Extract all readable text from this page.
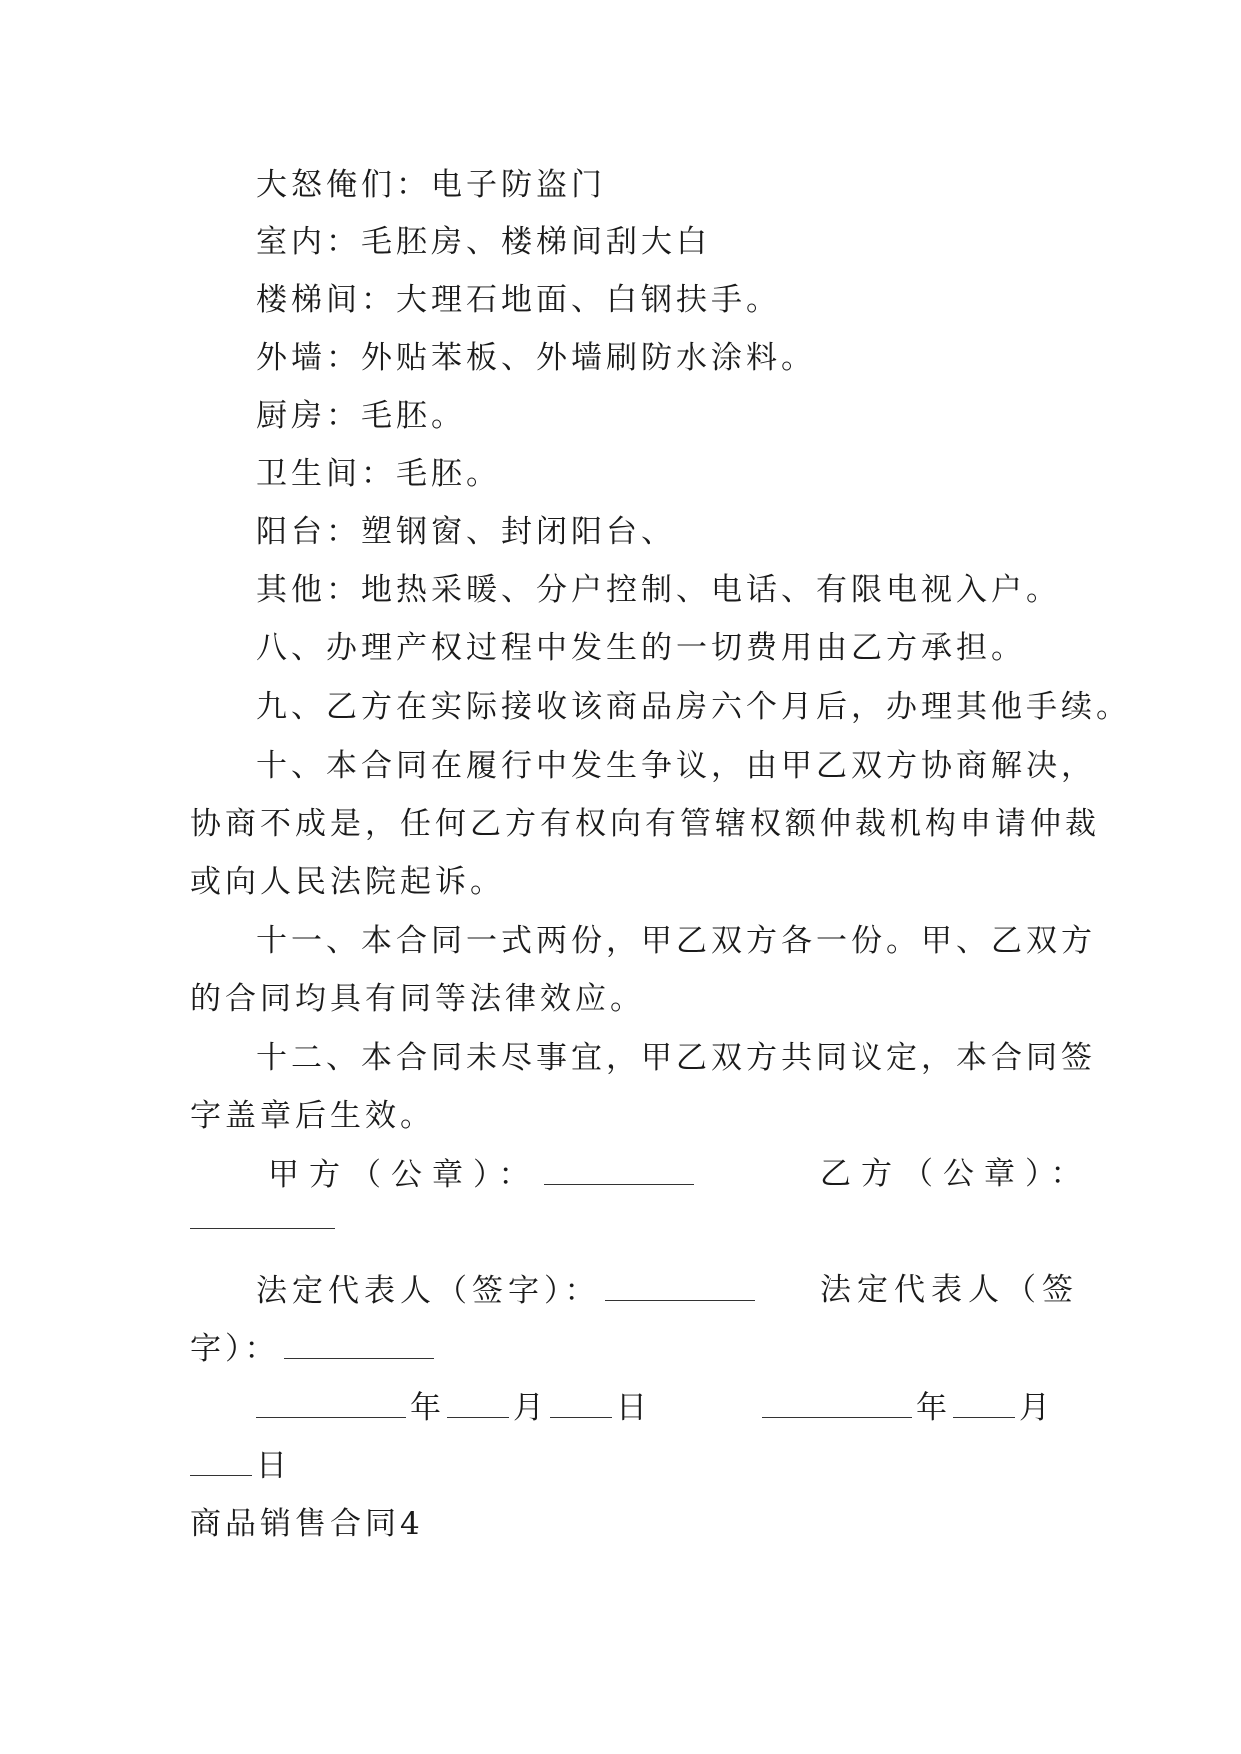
大怒俺们：电子防盗门
室内：毛胚房、楼梯间刮大白
楼梯间：大理石地面、白钢扶手。
外墙：外贴苯板、外墙刷防水涂料。
厨房：毛胚。
卫生间：毛胚。
阳台：塑钢窗、封闭阳台、
其他：地热采暖、分户控制、电话、有限电视入户。
八、办理产权过程中发生的一切费用由乙方承担。
九、乙方在实际接收该商品房六个月后，办理其他手续。
十、本合同在履行中发生争议，由甲乙双方协商解决，
协商不成是，任何乙方有权向有管辖权额仲裁机构申请仲裁
或向人民法院起诉。
十一、本合同一式两份，甲乙双方各一份。甲、乙双方
的合同均具有同等法律效应。
十二、本合同未尽事宜，甲乙双方共同议定，本合同签
字盖章后生效。
甲方（公章）：	乙方（公章）：
法定代表人（签字）：	法定代表人（签
字）：
年 月 日	年 月
日
商品销售合同4
